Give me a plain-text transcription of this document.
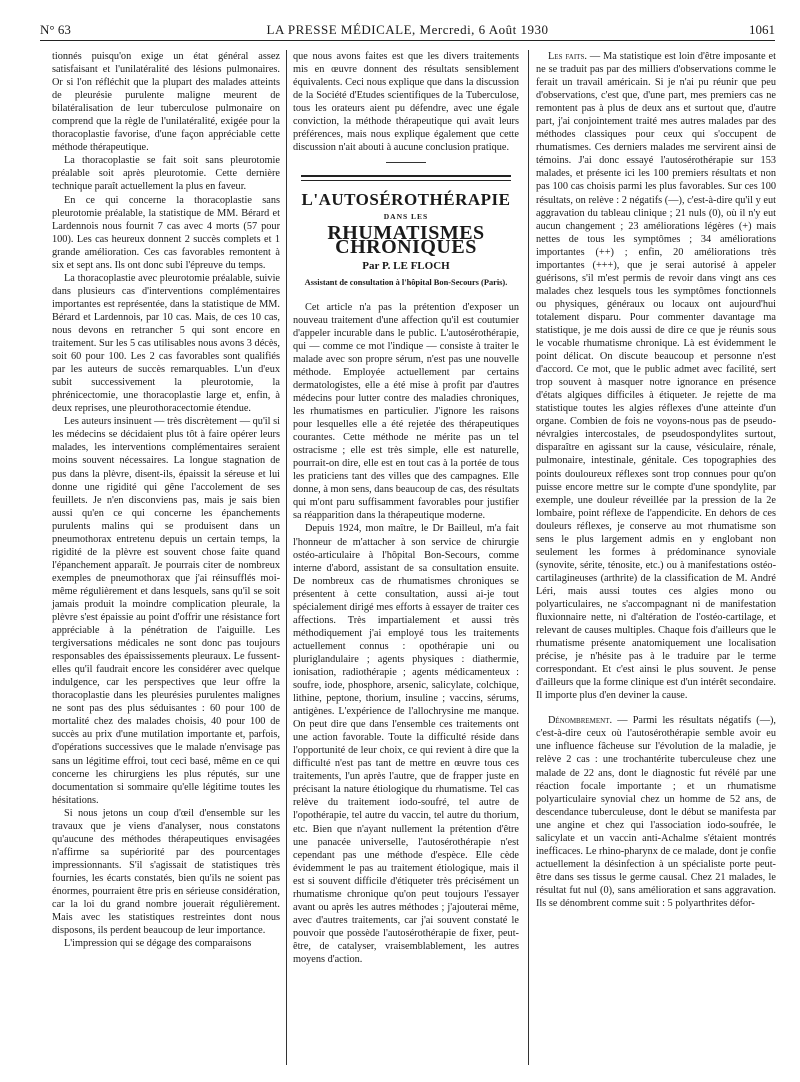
N° 63	LA PRESSE MÉDICALE, Mercredi, 6 Août 1930	1061

tionnés puisqu'on exige un état général assez satisfaisant et l'unilatéralité des lésions pulmonaires. Or si l'on réfléchit que la plupart des malades atteints de pleurésie purulente maligne meurent de bilatéralisation de leur tuberculose pulmonaire on comprend que la règle de l'unilatéralité, exigée pour la thoracoplastie favorise, d'une façon appréciable cette méthode thérapeutique.

La thoracoplastie se fait soit sans pleurotomie préalable soit après pleurotomie. Cette dernière technique paraît actuellement la plus en faveur.

En ce qui concerne la thoracoplastie sans pleurotomie préalable, la statistique de MM. Bérard et Lardennois nous fournit 7 cas avec 4 morts (57 pour 100). Les cas heureux donnent 2 succès complets et 1 grande amélioration. Ces cas favorables remontent à six et sept ans. Ils ont donc subi l'épreuve du temps.

La thoracoplastie avec pleurotomie préalable, suivie dans plusieurs cas d'interventions complémentaires importantes est représentée, dans la statistique de MM. Bérard et Lardennois, par 10 cas. Mais, de ces 10 cas, nous devons en retrancher 5 qui sont encore en traitement. Sur les 5 cas utilisables nous avons 3 décès, soit 60 pour 100. Les 2 cas favorables sont qualifiés par les auteurs de succès remarquables. L'un d'eux subit successivement la pleurotomie, la phrénicectomie, une thoracoplastie large et, enfin, à deux reprises, une pleurothoracectomie étendue.

Les auteurs insinuent — très discrètement — qu'il si les médecins se décidaient plus tôt à faire opérer leurs malades, les interventions complémentaires seraient moins souvent nécessaires. La longue stagnation de pus dans la plèvre, disent-ils, épaissit la séreuse et lui donne une rigidité qui gêne l'accolement de ses feuillets. Je n'en disconviens pas, mais je sais bien aussi qu'en ce qui concerne les épanchements purulents malins qui se produisent dans un pneumothorax entretenu depuis un certain temps, la rigidité de la plèvre est souvent chose faite quand l'épanchement apparaît. Je pourrais citer de nombreux exemples de pneumothorax que j'ai réinsufflés moi-même régulièrement et dans lesquels, sans qu'il se soit jamais produit la moindre complication pleurale, la plèvre s'est épaissie au point d'offrir une résistance fort appréciable à la pénétration de l'aiguille. Les tergiversations médicales ne sont donc pas toujours responsables des épaississements pleuraux. Le fussent-elles qu'il faudrait encore les considérer avec quelque indulgence, car les perspectives que leur offre la thoracoplastie dans les pleurésies purulentes malignes ne sont pas des plus séduisantes : 60 pour 100 de mortalité chez des malades choisis, 40 pour 100 de succès au prix d'une mutilation importante et, parfois, d'opérations successives que le malade n'envisage pas sans un légitime effroi, tout ceci basé, même en ce qui concerne les chirurgiens les plus réputés, sur une documentation si sommaire qu'elle légitime toutes les hésitations.

Si nous jetons un coup d'œil d'ensemble sur les travaux que je viens d'analyser, nous constatons qu'aucune des méthodes thérapeutiques envisagées n'affirme sa supériorité par des pourcentages impressionnants. S'il s'agissait de statistiques très fournies, les écarts constatés, bien qu'ils ne soient pas énormes, pourraient être pris en sérieuse considération, car la loi du grand nombre jouerait régulièrement. Mais avec les statistiques restreintes dont nous disposons, ils perdent beaucoup de leur importance.

L'impression qui se dégage des comparaisons

que nous avons faites est que les divers traitements mis en œuvre donnent des résultats sensiblement équivalents. Ceci nous explique que dans la discussion de la Société d'Etudes scientifiques de la Tuberculose, tous les orateurs aient pu défendre, avec une égale conviction, la méthode thérapeutique qui avait leurs préférences, mais nous explique également que cette discussion n'ait abouti à aucune conclusion pratique.

L'AUTOSÉROTHÉRAPIE
DANS LES
RHUMATISMES CHRONIQUES
Par P. LE FLOCH
Assistant de consultation à l'hôpital Bon-Secours (Paris).

Cet article n'a pas la prétention d'exposer un nouveau traitement d'une affection qu'il est coutumier d'appeler incurable dans le public. L'autosérothérapie, qui — comme ce mot l'indique — consiste à traiter le malade avec son propre sérum, n'est pas une nouvelle méthode. Employée actuellement par certains dermatologistes, elle a été mise à profit par d'autres médecins pour lutter contre des maladies chroniques, les rhumatismes en particulier. J'ignore les raisons pour lesquelles elle a été rejetée des thérapeutiques courantes. Cette méthode ne mérite pas un tel ostracisme ; elle est très simple, elle est naturelle, pourrait-on dire, elle est en tout cas à la portée de tous les praticiens tant des villes que des campagnes. Elle donne, à mon sens, dans beaucoup de cas, des résultats qui m'ont paru suffisamment favorables pour justifier sa réapparition dans la thérapeutique moderne.

Depuis 1924, mon maître, le Dr Bailleul, m'a fait l'honneur de m'attacher à son service de chirurgie ostéo-articulaire à l'hôpital Bon-Secours, comme interne d'abord, assistant de sa consultation ensuite. De nombreux cas de rhumatismes chroniques se présentent à cette consultation, aussi ai-je tout spécialement dirigé mes efforts à essayer de traiter ces affections. Très impartialement et aussi très méthodiquement j'ai employé tous les traitements actuellement connus : opothérapie uni ou pluriglandulaire ; agents physiques : diathermie, ionisation, radiothérapie ; agents médicamenteux : soufre, iode, phosphore, arsenic, salicylate, colchique, lithine, peptone, thorium, insuline ; vaccins, sérums, antigènes. L'expérience de l'allochrysine me manque. On peut dire que dans l'ensemble ces traitements ont une action favorable. Toute la difficulté réside dans l'opportunité de leur choix, ce qui revient à dire que la difficulté n'est pas tant de mettre en œuvre tous ces traitements, l'un après l'autre, que de frapper juste en précisant la nature étiologique du rhumatisme. Tel cas relève du traitement iodo-soufré, tel autre de l'opothérapie, tel autre du vaccin, tel autre du thorium, etc. Bien que n'ayant nullement la prétention d'être une panacée universelle, l'autosérothérapie n'est cependant pas une méthode d'espèce. Elle cède évidemment le pas au traitement étiologique, mais il est si souvent difficile d'étiqueter très précisément un rhumatisme chronique qu'on peut toujours l'essayer avant ou après les autres méthodes ; j'ajouterai même, avec d'autres traitements, car j'ai souvent constaté le pouvoir que possède l'autosérothérapie de fixer, peut-être, de catalyser, vraisemblablement, les autres moyens d'action.

Les faits. — Ma statistique est loin d'être imposante et ne se traduit pas par des milliers d'observations comme le ferait un travail américain. Si je n'ai pu réunir que peu d'observations, c'est que, d'une part, mes premiers cas ne remontent pas à plus de deux ans et surtout que, d'autre part, j'ai conjointement traité mes autres malades par des méthodes classiques pour ceux qui s'occupent de rhumatismes. Ces derniers malades me servirent ainsi de témoins. J'ai donc essayé l'autosérothérapie sur 153 malades, et présente ici les 100 premiers résultats et non pas 100 cas choisis parmi les plus favorables. Sur ces 100 résultats, on relève : 2 négatifs (—), c'est-à-dire qu'il y eut aggravation du tableau clinique ; 21 nuls (0), où il n'y eut aucun changement ; 23 améliorations légères (+) mais nettes de tous les symptômes ; 34 améliorations importantes (++) ; enfin, 20 améliorations très importantes (+++), que je serai autorisé à appeler guérisons, s'il m'est permis de revoir dans vingt ans ces malades chez lesquels tous les symptômes fonctionnels ou physiques, généraux ou locaux ont aujourd'hui totalement disparu. Pour commenter davantage ma statistique, je me dois aussi de dire ce que je réunis sous le vocable rhumatisme chronique. Là est évidemment le point délicat. On discute beaucoup et personne n'est d'accord. Ce mot, que le public admet avec facilité, sert trop souvent à masquer notre ignorance en présence d'états algiques difficiles à étiqueter. Je rejette de ma statistique toutes les algies réflexes d'une atteinte d'un organe. Combien de fois ne voyons-nous pas de pseudo-névralgies intercostales, de pseudospondylites surtout, disparaître en agissant sur la cause, vésiculaire, rénale, pulmonaire, intestinale, génitale. Ces topographies des points douloureux réflexes sont trop connues pour qu'on puisse encore mettre sur le compte d'une spondylite, par exemple, une douleur réveillée par la pression de la 2e lombaire, point réflexe de l'appendicite. En dehors de ces douleurs réflexes, je conserve au mot rhumatisme son sens le plus largement admis en y englobant non seulement les formes à prédominance synoviale (synovite, sérite, ténosite, etc.) ou à manifestations ostéo-cartilagineuses (arthrite) de la classification de M. André Léri, mais aussi toutes ces algies mono ou polyarticulaires, ne s'accompagnant ni de manifestation fluxionnaire nette, ni d'altération de l'ostéo-cartilage, et relevant de causes multiples. Chaque fois d'ailleurs que le rhumatisme présente anatomiquement une localisation précise, je n'hésite pas à le traduire par le terme correspondant. Et c'est ainsi le plus souvent. Je pense d'ailleurs que la forme clinique est d'un intérêt secondaire. Il importe plus d'en deviner la cause.

Dénombrement. — Parmi les résultats négatifs (—), c'est-à-dire ceux où l'autosérothérapie semble avoir eu une influence fâcheuse sur l'évolution de la maladie, je relève 2 cas : une trochantérite tuberculeuse chez une malade de 22 ans, dont le diagnostic fut révélé par une réaction focale importante ; et un rhumatisme polyarticulaire synovial chez un homme de 52 ans, de descendance tuberculeuse, dont le début se manifesta par une angine et chez qui l'association iodo-soufrée, le salicylate et un vaccin anti-Achalme s'étaient montrés inefficaces. Le rhino-pharynx de ce malade, dont je confie actuellement la désinfection à un spécialiste porte peut-être dans ses tissus le germe causal. Chez 21 malades, le résultat fut nul (0), sans amélioration et sans aggravation. Ils se dénombrent comme suit : 5 polyarthrites défor-
